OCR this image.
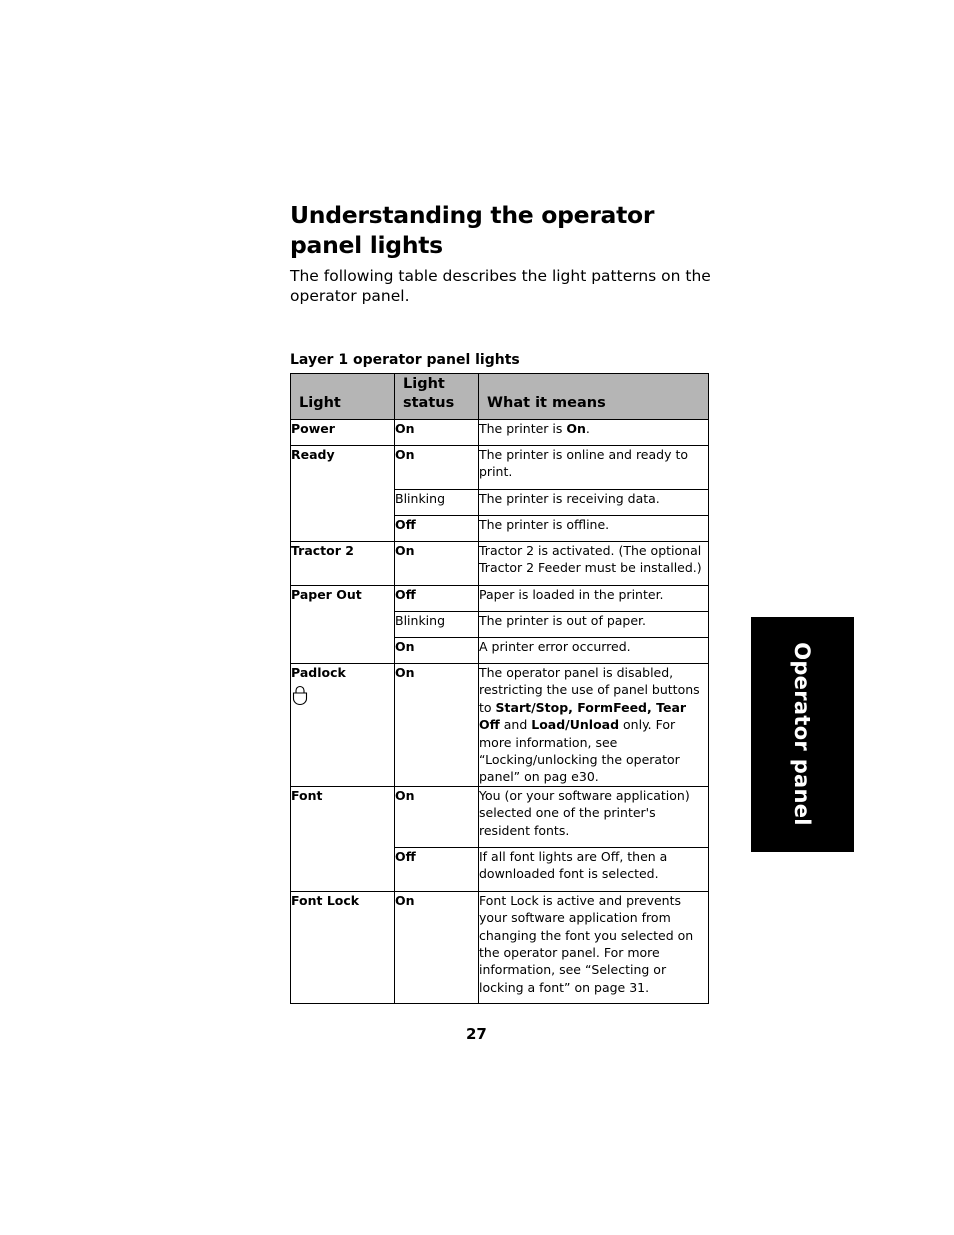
Understanding the operator panel lights

The following table describes the light patterns on the operator panel.

Layer 1 operator panel lights

Light	Light status	What it means
Power	On	The printer is On.
Ready	On	The printer is online and ready to print.
	Blinking	The printer is receiving data.
	Off	The printer is offline.
Tractor 2	On	Tractor 2 is activated. (The optional Tractor 2 Feeder must be installed.)
Paper Out	Off	Paper is loaded in the printer.
	Blinking	The printer is out of paper.
	On	A printer error occurred.
Padlock	On	The operator panel is disabled, restricting the use of panel buttons to Start/Stop, FormFeed, Tear Off and Load/Unload only. For more information, see “Locking/unlocking the operator panel” on pag e30.
Font	On	You (or your software application) selected one of the printer's resident fonts.
	Off	If all font lights are Off, then a downloaded font is selected.
Font Lock	On	Font Lock is active and prevents your software application from changing the font you selected on the operator panel. For more information, see “Selecting or locking a font” on page 31.
27
Operator panel
